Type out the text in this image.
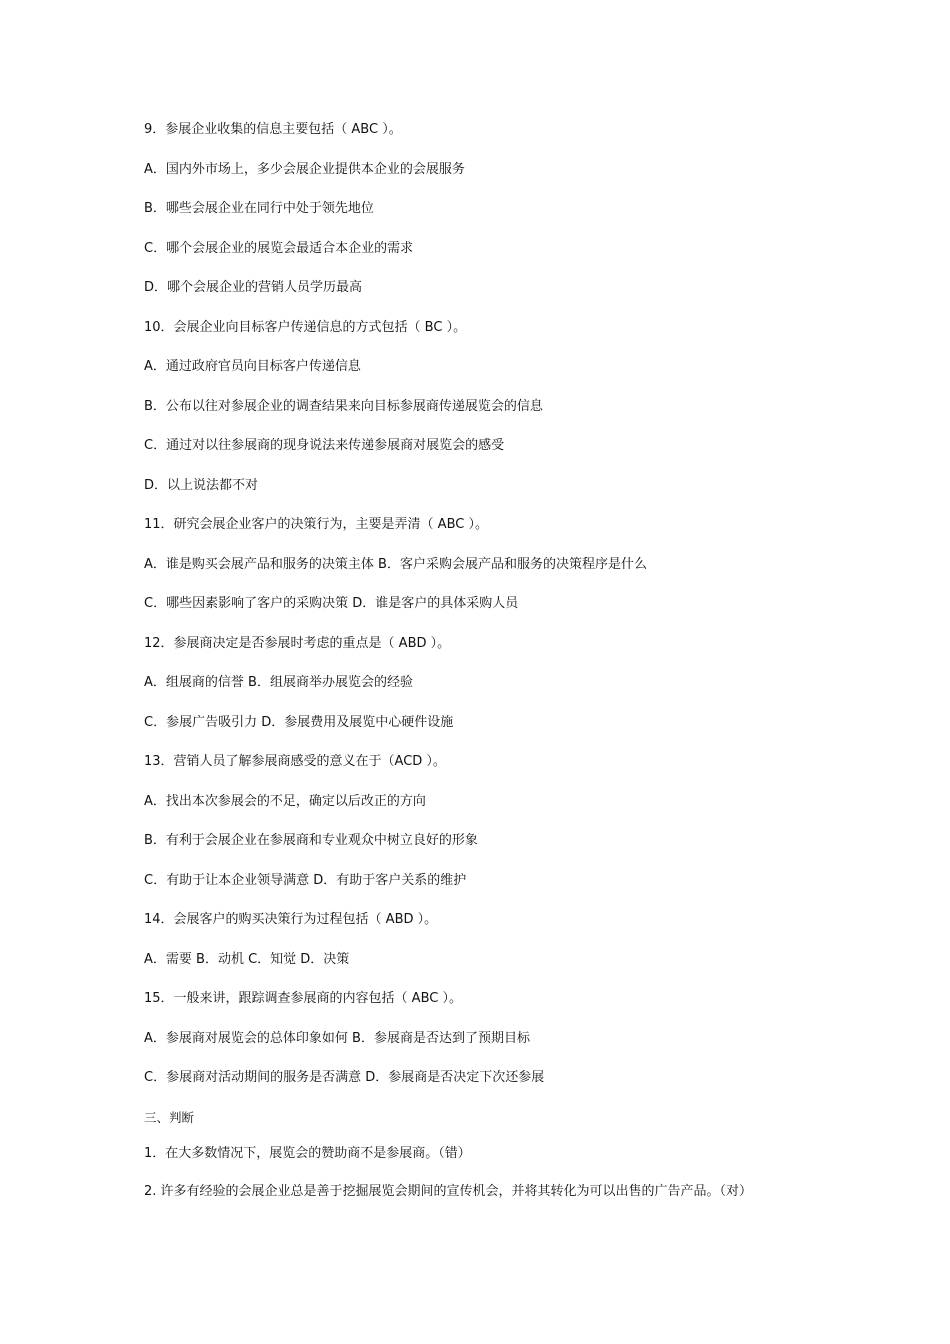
9．参展企业收集的信息主要包括（ ABC ）。
A．国内外市场上，多少会展企业提供本企业的会展服务
B．哪些会展企业在同行中处于领先地位
C．哪个会展企业的展览会最适合本企业的需求
D．哪个会展企业的营销人员学历最高
10．会展企业向目标客户传递信息的方式包括（ BC ）。
A．通过政府官员向目标客户传递信息
B．公布以往对参展企业的调查结果来向目标参展商传递展览会的信息
C．通过对以往参展商的现身说法来传递参展商对展览会的感受
D．以上说法都不对
11．研究会展企业客户的决策行为，主要是弄清（ ABC ）。
A．谁是购买会展产品和服务的决策主体 B．客户采购会展产品和服务的决策程序是什么
C．哪些因素影响了客户的采购决策 D．谁是客户的具体采购人员
12．参展商决定是否参展时考虑的重点是（ ABD ）。
A．组展商的信誉 B．组展商举办展览会的经验
C．参展广告吸引力 D．参展费用及展览中心硬件设施
13．营销人员了解参展商感受的意义在于（ACD ）。
A．找出本次参展会的不足，确定以后改正的方向
B．有利于会展企业在参展商和专业观众中树立良好的形象
C．有助于让本企业领导满意 D．有助于客户关系的维护
14．会展客户的购买决策行为过程包括（ ABD ）。
A．需要 B．动机 C．知觉 D．决策
15．一般来讲，跟踪调查参展商的内容包括（ ABC ）。
A．参展商对展览会的总体印象如何 B．参展商是否达到了预期目标
C．参展商对活动期间的服务是否满意 D．参展商是否决定下次还参展
三、判断
1．在大多数情况下，展览会的赞助商不是参展商。（错）
2. 许多有经验的会展企业总是善于挖掘展览会期间的宣传机会，并将其转化为可以出售的广告产品。（对）
